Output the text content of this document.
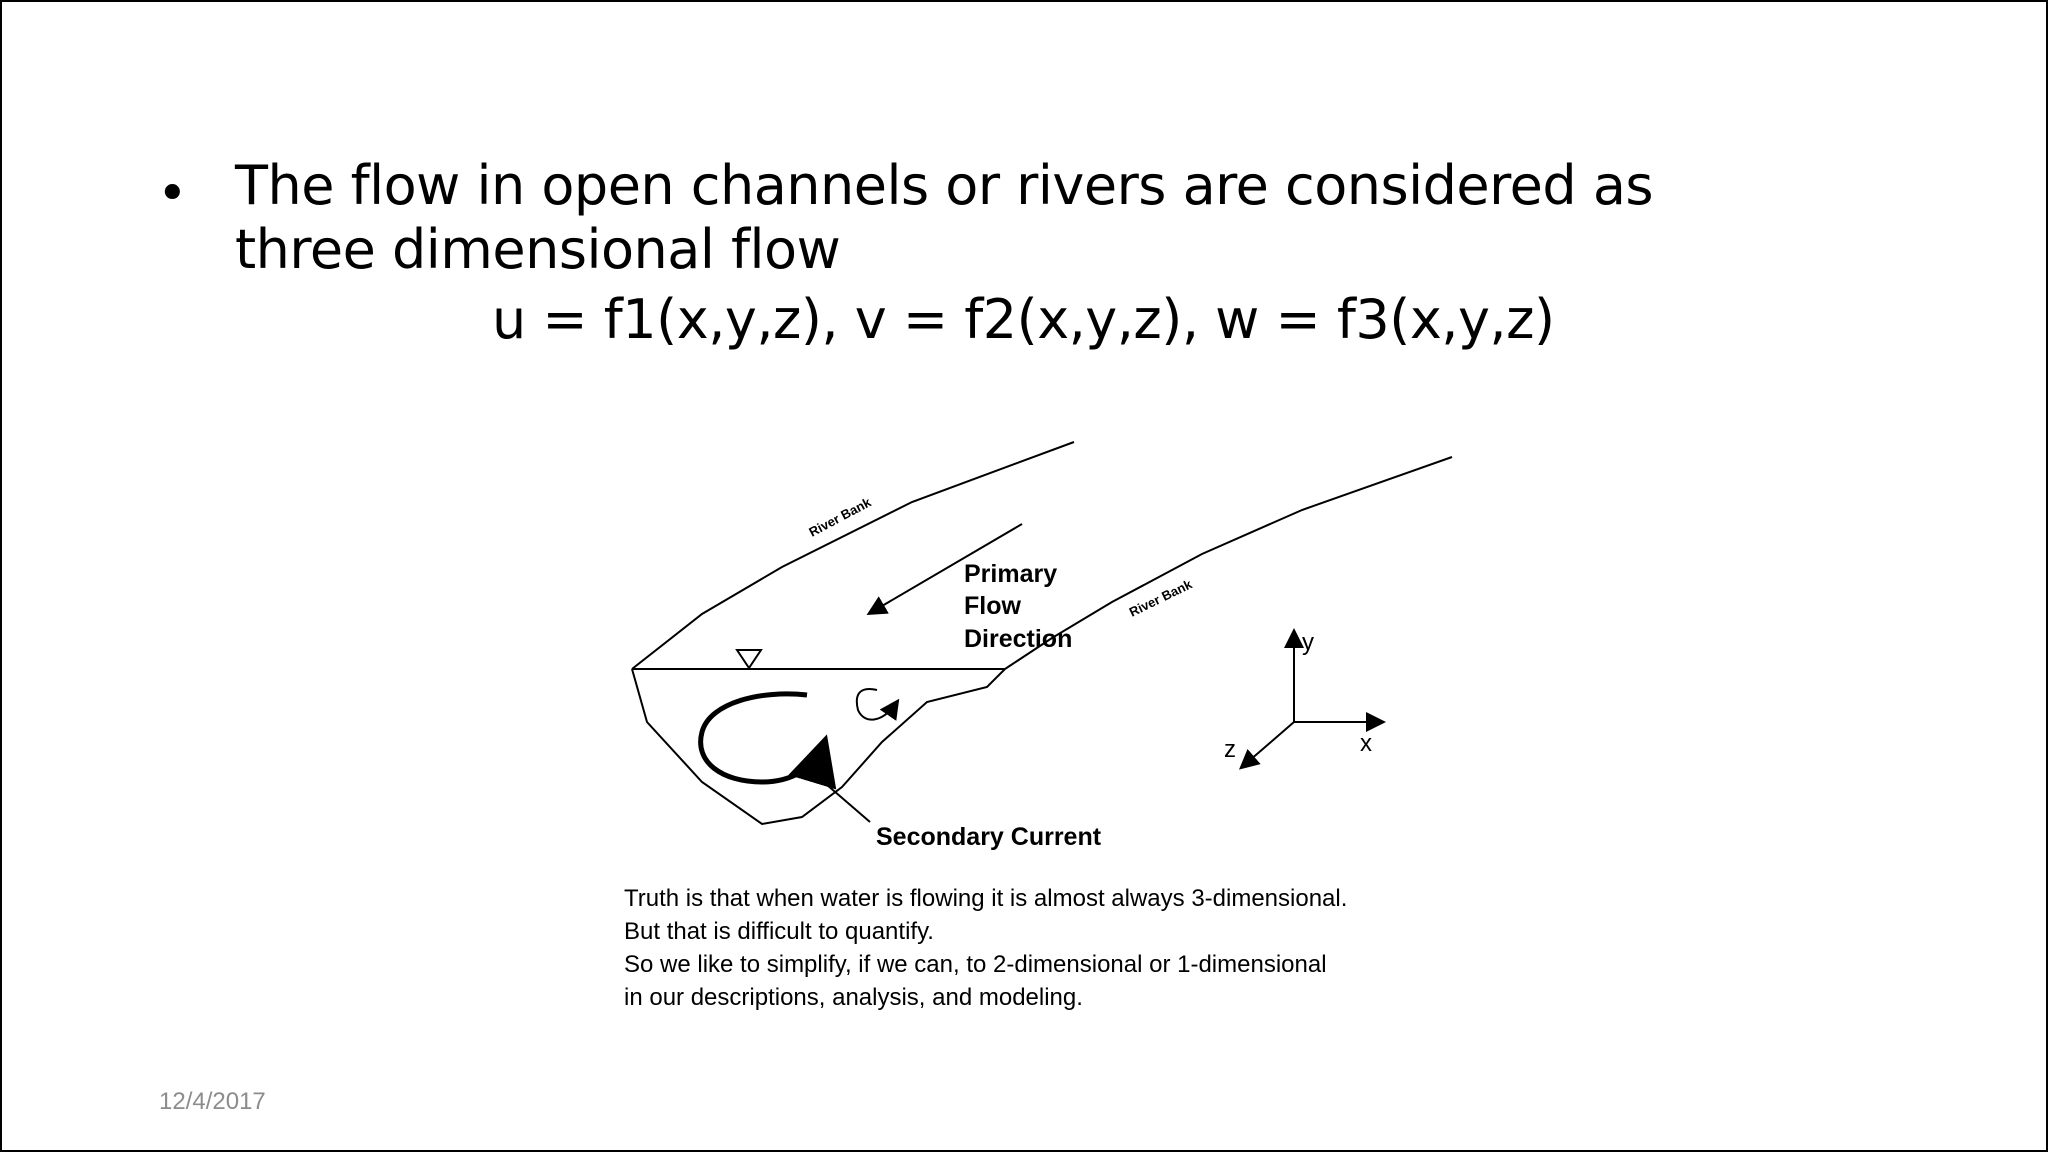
• The flow in open channels or rivers are considered as three dimensional flow
u = f1(x,y,z), v = f2(x,y,z), w = f3(x,y,z)
River Bank
River Bank
Primary
Flow
Direction
Secondary Current
y
x
z
Truth is that when water is flowing it is almost always 3-dimensional.
But that is difficult to quantify.
So we like to simplify, if we can, to 2-dimensional or 1-dimensional
in our descriptions, analysis, and modeling.
12/4/2017
